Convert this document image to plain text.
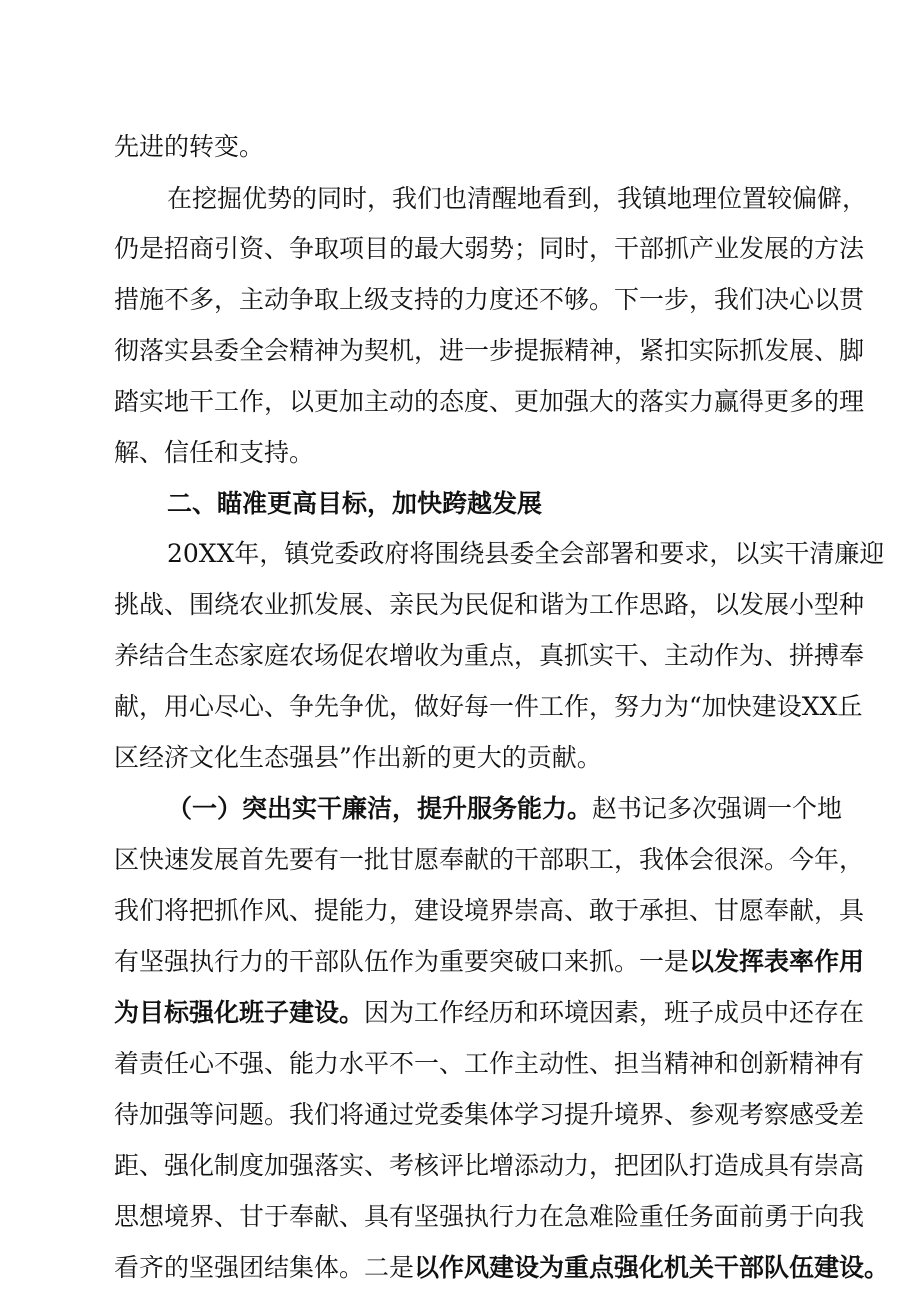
先进的转变。
在挖掘优势的同时，我们也清醒地看到，我镇地理位置较偏僻，
仍是招商引资、争取项目的最大弱势；同时，干部抓产业发展的方法
措施不多，主动争取上级支持的力度还不够。下一步，我们决心以贯
彻落实县委全会精神为契机，进一步提振精神，紧扣实际抓发展、脚
踏实地干工作，以更加主动的态度、更加强大的落实力赢得更多的理
解、信任和支持。
二、瞄准更高目标，加快跨越发展
20XX年，镇党委政府将围绕县委全会部署和要求，以实干清廉迎
挑战、围绕农业抓发展、亲民为民促和谐为工作思路，以发展小型种
养结合生态家庭农场促农增收为重点，真抓实干、主动作为、拼搏奉
献，用心尽心、争先争优，做好每一件工作，努力为“加快建设XX丘
区经济文化生态强县”作出新的更大的贡献。
（一）突出实干廉洁，提升服务能力。赵书记多次强调一个地
区快速发展首先要有一批甘愿奉献的干部职工，我体会很深。今年，
我们将把抓作风、提能力，建设境界崇高、敢于承担、甘愿奉献，具
有坚强执行力的干部队伍作为重要突破口来抓。一是以发挥表率作用
为目标强化班子建设。因为工作经历和环境因素，班子成员中还存在
着责任心不强、能力水平不一、工作主动性、担当精神和创新精神有
待加强等问题。我们将通过党委集体学习提升境界、参观考察感受差
距、强化制度加强落实、考核评比增添动力，把团队打造成具有崇高
思想境界、甘于奉献、具有坚强执行力在急难险重任务面前勇于向我
看齐的坚强团结集体。二是以作风建设为重点强化机关干部队伍建设。
